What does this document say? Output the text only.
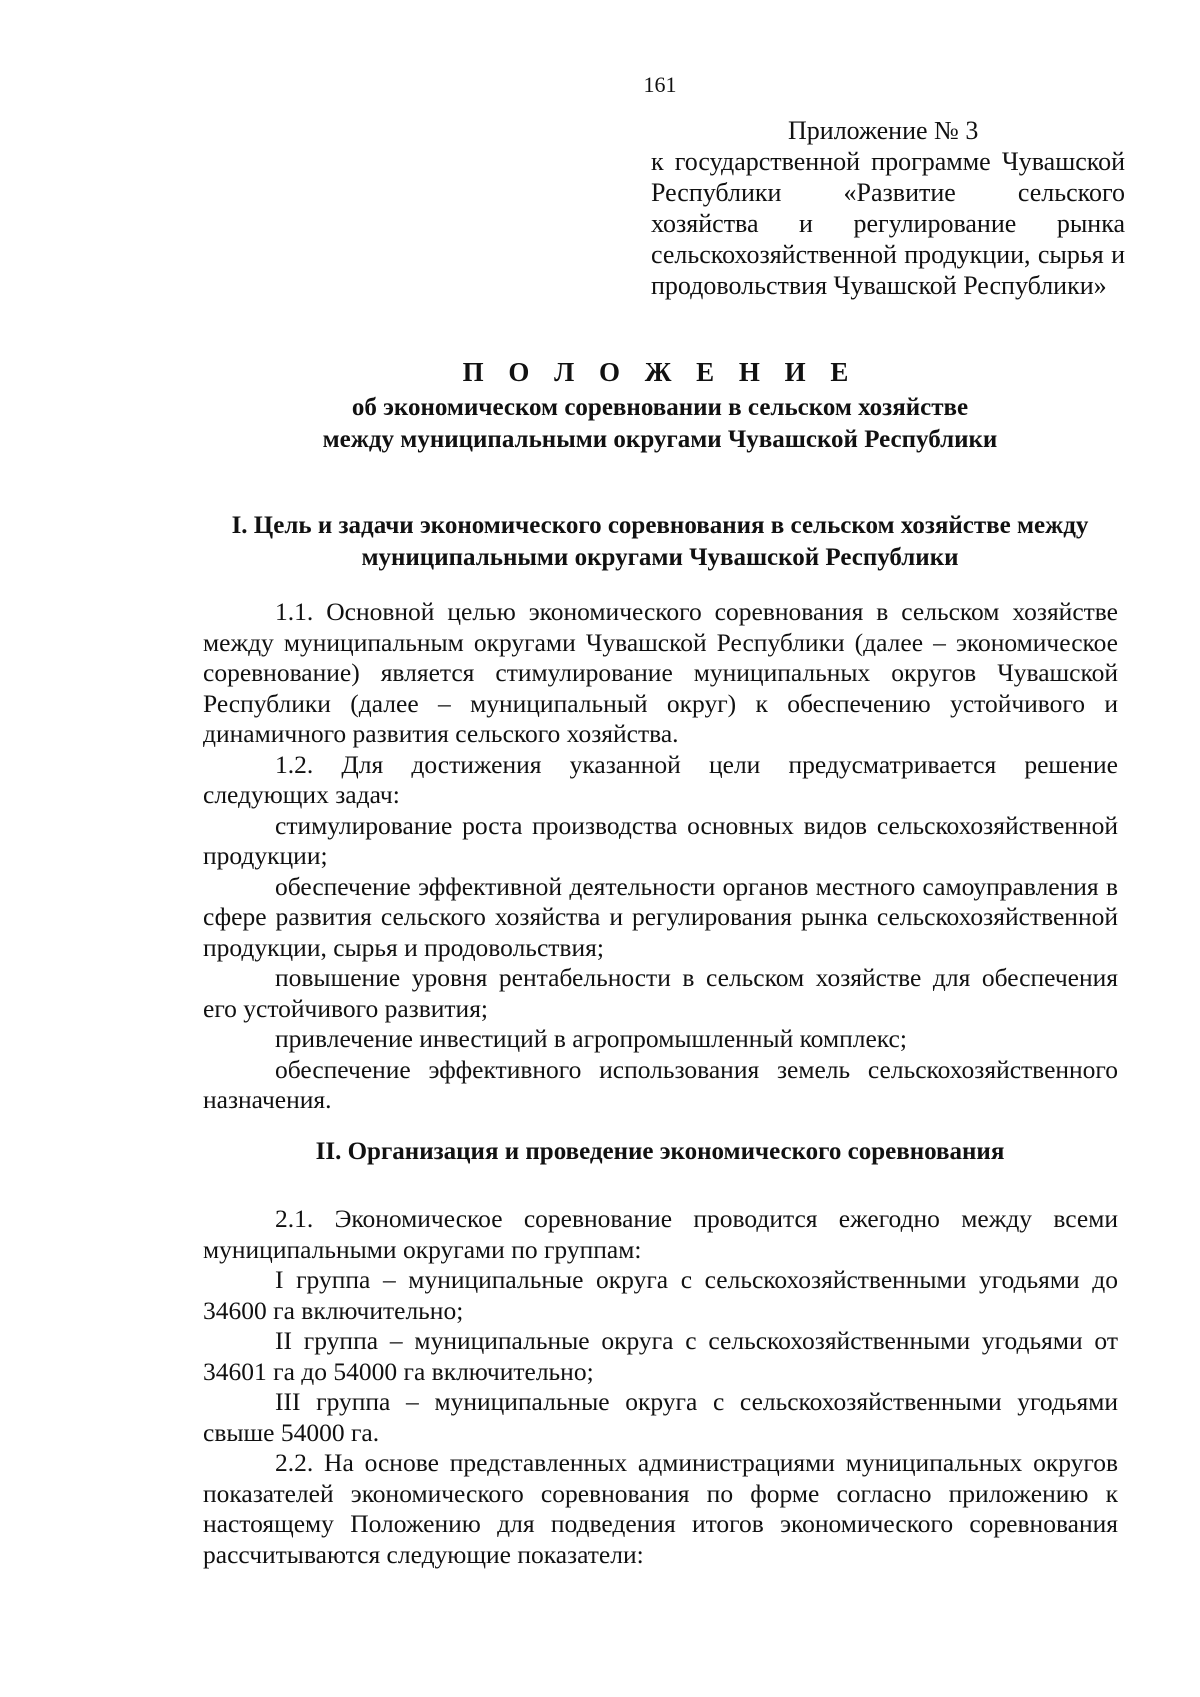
161
Приложение № 3
к государственной программе Чувашской Республики «Развитие сельского хозяйства и регулирование рынка сельскохозяйственной продукции, сырья и продовольствия Чувашской Республики»
П О Л О Ж Е Н И Е
об экономическом соревновании в сельском хозяйстве
между муниципальными округами Чувашской Республики
I. Цель и задачи экономического соревнования в сельском хозяйстве между
муниципальными округами Чувашской Республики

1.1. Основной целью экономического соревнования в сельском хозяйстве между муниципальным округами Чувашской Республики (далее – экономическое соревнование) является стимулирование муниципальных округов Чувашской Республики (далее – муниципальный округ) к обеспечению устойчивого и динамичного развития сельского хозяйства.

1.2. Для достижения указанной цели предусматривается решение следующих задач:

стимулирование роста производства основных видов сельскохозяйственной продукции;

обеспечение эффективной деятельности органов местного самоуправления в сфере развития сельского хозяйства и регулирования рынка сельскохозяйственной продукции, сырья и продовольствия;

повышение уровня рентабельности в сельском хозяйстве для обеспечения его устойчивого развития;

привлечение инвестиций в агропромышленный комплекс;

обеспечение эффективного использования земель сельскохозяйственного назначения.

II. Организация и проведение экономического соревнования

2.1. Экономическое соревнование проводится ежегодно между всеми муниципальными округами по группам:

I группа – муниципальные округа с сельскохозяйственными угодьями до 34600 га включительно;

II группа – муниципальные округа с сельскохозяйственными угодьями от 34601 га до 54000 га включительно;

III группа – муниципальные округа с сельскохозяйственными угодьями свыше 54000 га.

2.2. На основе представленных администрациями муниципальных округов показателей экономического соревнования по форме согласно приложению к настоящему Положению для подведения итогов экономического соревнования рассчитываются следующие показатели:
